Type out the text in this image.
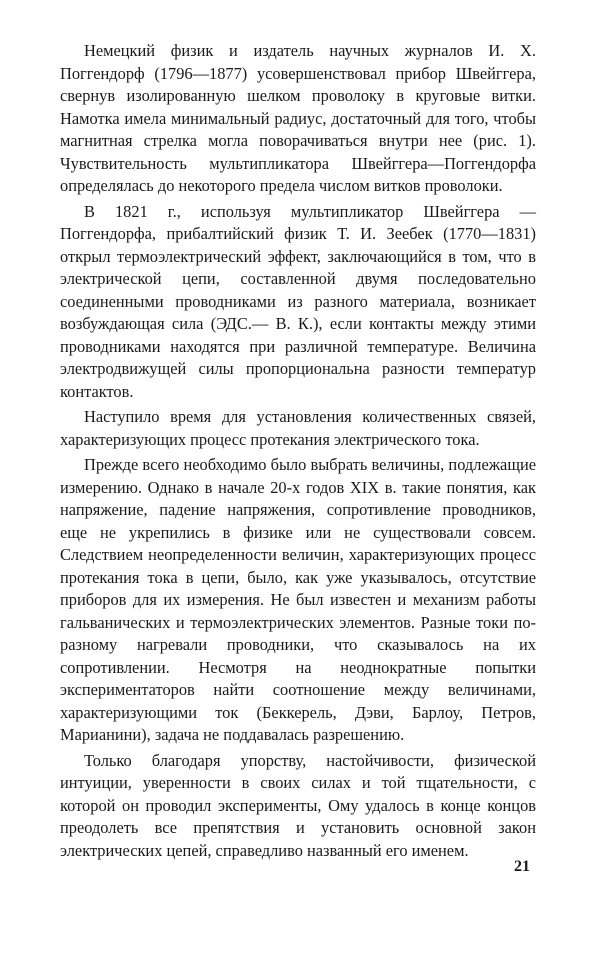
Немецкий физик и издатель научных журналов И. Х. Поггендорф (1796—1877) усовершенствовал прибор Швейггера, свернув изолированную шелком проволоку в круговые витки. Намотка имела минимальный радиус, достаточный для того, чтобы магнитная стрелка могла поворачиваться внутри нее (рис. 1). Чувствительность мультипликатора Швейггера—Поггендорфа определялась до некоторого предела числом витков проволоки.

В 1821 г., используя мультипликатор Швейггера — Поггендорфа, прибалтийский физик Т. И. Зеебек (1770—1831) открыл термоэлектрический эффект, заключающийся в том, что в электрической цепи, составленной двумя последовательно соединенными проводниками из разного материала, возникает возбуждающая сила (ЭДС.— В. К.), если контакты между этими проводниками находятся при различной температуре. Величина электродвижущей силы пропорциональна разности температур контактов.

Наступило время для установления количественных связей, характеризующих процесс протекания электрического тока.

Прежде всего необходимо было выбрать величины, подлежащие измерению. Однако в начале 20-х годов XIX в. такие понятия, как напряжение, падение напряжения, сопротивление проводников, еще не укрепились в физике или не существовали совсем. Следствием неопределенности величин, характеризующих процесс протекания тока в цепи, было, как уже указывалось, отсутствие приборов для их измерения. Не был известен и механизм работы гальванических и термоэлектрических элементов. Разные токи по-разному нагревали проводники, что сказывалось на их сопротивлении. Несмотря на неоднократные попытки экспериментаторов найти соотношение между величинами, характеризующими ток (Беккерель, Дэви, Барлоу, Петров, Марианини), задача не поддавалась разрешению.

Только благодаря упорству, настойчивости, физической интуиции, уверенности в своих силах и той тщательности, с которой он проводил эксперименты, Ому удалось в конце концов преодолеть все препятствия и установить основной закон электрических цепей, справедливо названный его именем.

21
